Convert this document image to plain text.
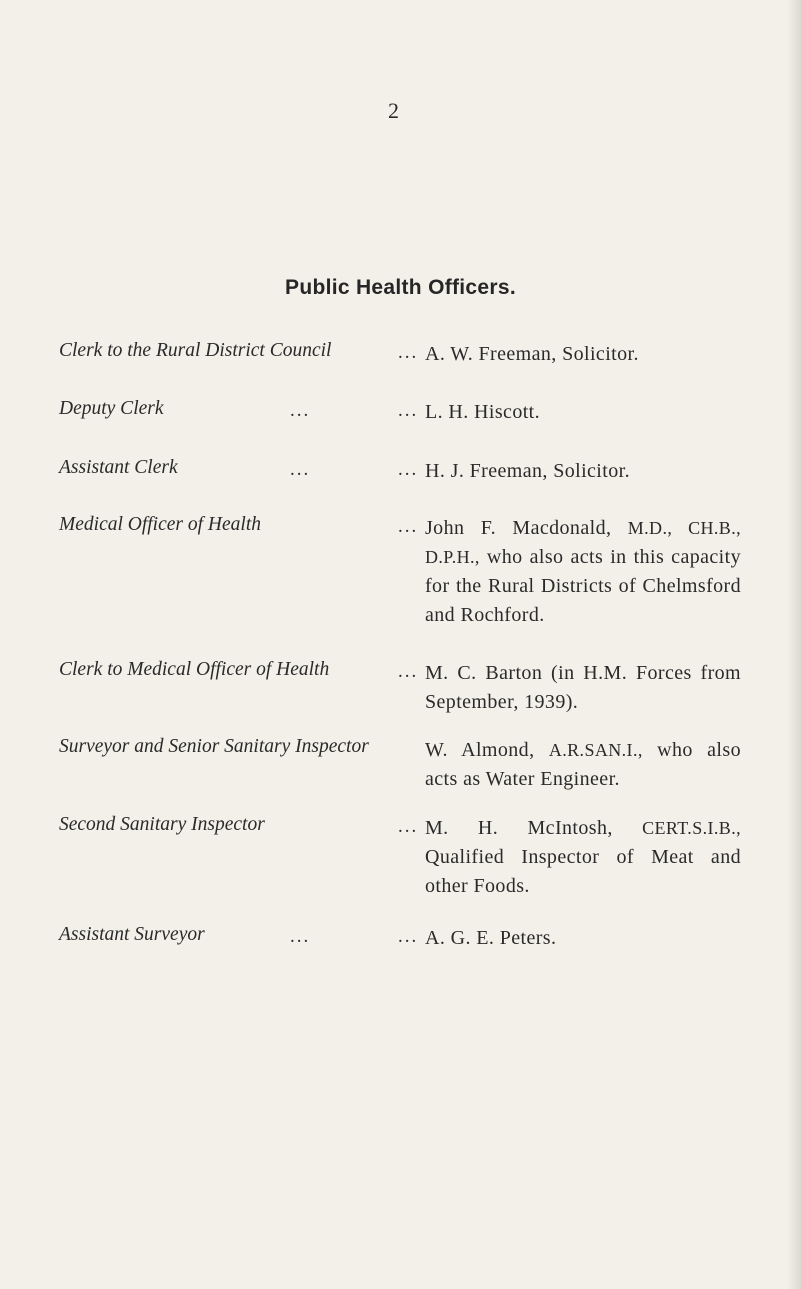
2
Public Health Officers.
Clerk to the Rural District Council	... A. W. Freeman, Solicitor.
Deputy Clerk	...	... L. H. Hiscott.
Assistant Clerk	...	... H. J. Freeman, Solicitor.
Medical Officer of Health	... John F. Macdonald, M.D., CH.B., D.P.H., who also acts in this capacity for the Rural Districts of Chelmsford and Rochford.
Clerk to Medical Officer of Health	... M. C. Barton (in H.M. Forces from September, 1939).
Surveyor and Senior Sanitary Inspector	W. Almond, A.R.SAN.I., who also acts as Water Engineer.
Second Sanitary Inspector	... M. H. McIntosh, CERT.S.I.B., Qualified Inspector of Meat and other Foods.
Assistant Surveyor	...	... A. G. E. Peters.
